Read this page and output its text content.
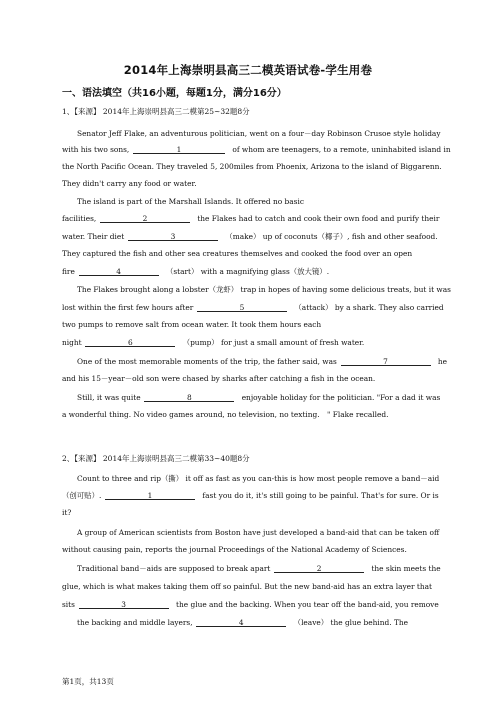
2014年上海崇明县高三二模英语试卷-学生用卷
一、语法填空（共16小题，每题1分，满分16分）
1、【来源】 2014年上海崇明县高三二模第25~32题8分
Senator Jeff Flake, an adventurous politician, went on a four－day Robinson Crusoe style holiday
with his two sons, 	1 	of whom are teenagers, to a remote, uninhabited island in
the North Pacific Ocean. They traveled 5, 200miles from Phoenix, Arizona to the island of Biggarenn.
They didn't carry any food or water.
The island is part of the Marshall Islands. It offered no basic
facilities, 	2 	the Flakes had to catch and cook their own food and purify their
water. Their diet 	3 	（make） up of coconuts（椰子）, fish and other seafood.
They captured the fish and other sea creatures themselves and cooked the food over an open
fire 	4 	（start） with a magnifying glass（放大镜）.
The Flakes brought along a lobster（龙虾） trap in hopes of having some delicious treats, but it was
lost within the first few hours after 	5 	（attack） by a shark. They also carried
two pumps to remove salt from ocean water. It took them hours each
night 	6 	（pump） for just a small amount of fresh water.
One of the most memorable moments of the trip, the father said, was 	7 	he
and his 15－year－old son were chased by sharks after catching a fish in the ocean.
Still, it was quite 	8 	enjoyable holiday for the politician. "For a dad it was
a wonderful thing. No video games around, no television, no texting.　" Flake recalled.
2、【来源】 2014年上海崇明县高三二模第33~40题8分
Count to three and rip（撕） it off as fast as you can-this is how most people remove a band－aid
（创可贴）. 	1 	fast you do it, it's still going to be painful. That's for sure. Or is
it?
A group of American scientists from Boston have just developed a band-aid that can be taken off
without causing pain, reports the journal Proceedings of the National Academy of Sciences.
Traditional band－aids are supposed to break apart 	2 	the skin meets the
glue, which is what makes taking them off so painful. But the new band-aid has an extra layer that
sits 	3 	the glue and the backing. When you tear off the band-aid, you remove
the backing and middle layers, 	4 	（leave） the glue behind. The
第1页，共13页
